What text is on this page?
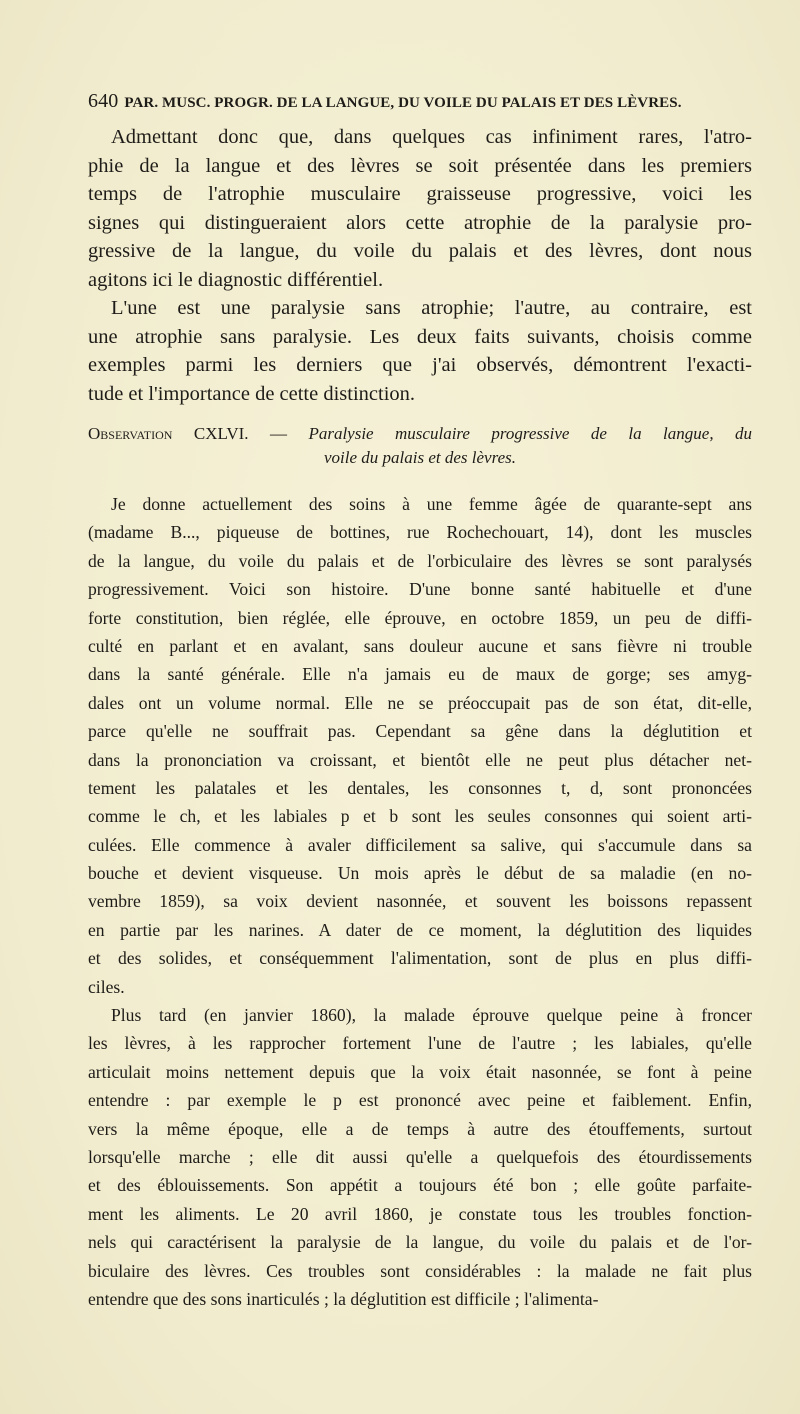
640 PAR. MUSC. PROGR. DE LA LANGUE, DU VOILE DU PALAIS ET DES LÈVRES.
Admettant donc que, dans quelques cas infiniment rares, l'atro-
phie de la langue et des lèvres se soit présentée dans les premiers
temps de l'atrophie musculaire graisseuse progressive, voici les
signes qui distingueraient alors cette atrophie de la paralysie pro-
gressive de la langue, du voile du palais et des lèvres, dont nous
agitons ici le diagnostic différentiel.
L'une est une paralysie sans atrophie; l'autre, au contraire, est
une atrophie sans paralysie. Les deux faits suivants, choisis comme
exemples parmi les derniers que j'ai observés, démontrent l'exacti-
tude et l'importance de cette distinction.
Observation CXLVI. — Paralysie musculaire progressive de la langue, du
voile du palais et des lèvres.
Je donne actuellement des soins à une femme âgée de quarante-sept ans
(madame B..., piqueuse de bottines, rue Rochechouart, 14), dont les muscles
de la langue, du voile du palais et de l'orbiculaire des lèvres se sont paralysés
progressivement. Voici son histoire. D'une bonne santé habituelle et d'une
forte constitution, bien réglée, elle éprouve, en octobre 1859, un peu de diffi-
culté en parlant et en avalant, sans douleur aucune et sans fièvre ni trouble
dans la santé générale. Elle n'a jamais eu de maux de gorge; ses amyg-
dales ont un volume normal. Elle ne se préoccupait pas de son état, dit-elle,
parce qu'elle ne souffrait pas. Cependant sa gêne dans la déglutition et
dans la prononciation va croissant, et bientôt elle ne peut plus détacher net-
tement les palatales et les dentales, les consonnes t, d, sont prononcées
comme le ch, et les labiales p et b sont les seules consonnes qui soient arti-
culées. Elle commence à avaler difficilement sa salive, qui s'accumule dans sa
bouche et devient visqueuse. Un mois après le début de sa maladie (en no-
vembre 1859), sa voix devient nasonnée, et souvent les boissons repassent
en partie par les narines. A dater de ce moment, la déglutition des liquides
et des solides, et conséquemment l'alimentation, sont de plus en plus diffi-
ciles.
Plus tard (en janvier 1860), la malade éprouve quelque peine à froncer
les lèvres, à les rapprocher fortement l'une de l'autre ; les labiales, qu'elle
articulait moins nettement depuis que la voix était nasonnée, se font à peine
entendre : par exemple le p est prononcé avec peine et faiblement. Enfin,
vers la même époque, elle a de temps à autre des étouffements, surtout
lorsqu'elle marche ; elle dit aussi qu'elle a quelquefois des étourdissements
et des éblouissements. Son appétit a toujours été bon ; elle goûte parfaite-
ment les aliments. Le 20 avril 1860, je constate tous les troubles fonction-
nels qui caractérisent la paralysie de la langue, du voile du palais et de l'or-
biculaire des lèvres. Ces troubles sont considérables : la malade ne fait plus
entendre que des sons inarticulés ; la déglutition est difficile ; l'alimenta-
